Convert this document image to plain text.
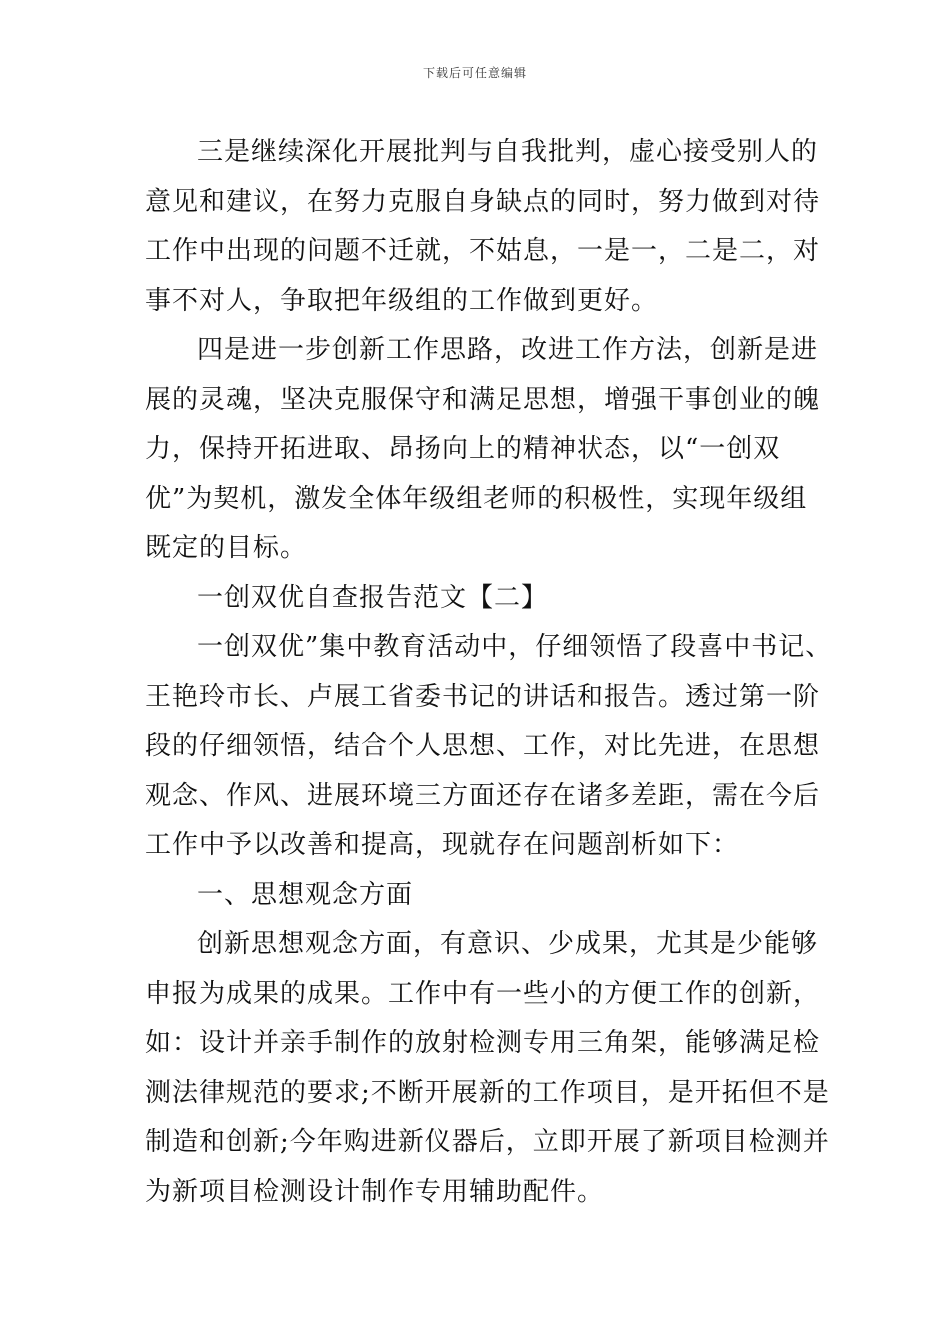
下载后可任意编辑

三是继续深化开展批判与自我批判，虚心接受别人的
意见和建议，在努力克服自身缺点的同时，努力做到对待
工作中出现的问题不迁就，不姑息，一是一，二是二，对
事不对人，争取把年级组的工作做到更好。

四是进一步创新工作思路，改进工作方法，创新是进
展的灵魂，坚决克服保守和满足思想，增强干事创业的魄
力，保持开拓进取、昂扬向上的精神状态，以“一创双
优”为契机，激发全体年级组老师的积极性，实现年级组
既定的目标。

一创双优自查报告范文【二】

一创双优”集中教育活动中，仔细领悟了段喜中书记、
王艳玲市长、卢展工省委书记的讲话和报告。透过第一阶
段的仔细领悟，结合个人思想、工作，对比先进，在思想
观念、作风、进展环境三方面还存在诸多差距，需在今后
工作中予以改善和提高，现就存在问题剖析如下：

一、思想观念方面

创新思想观念方面，有意识、少成果，尤其是少能够
申报为成果的成果。工作中有一些小的方便工作的创新，
如：设计并亲手制作的放射检测专用三角架，能够满足检
测法律规范的要求;不断开展新的工作项目，是开拓但不是
制造和创新;今年购进新仪器后，立即开展了新项目检测并
为新项目检测设计制作专用辅助配件。
